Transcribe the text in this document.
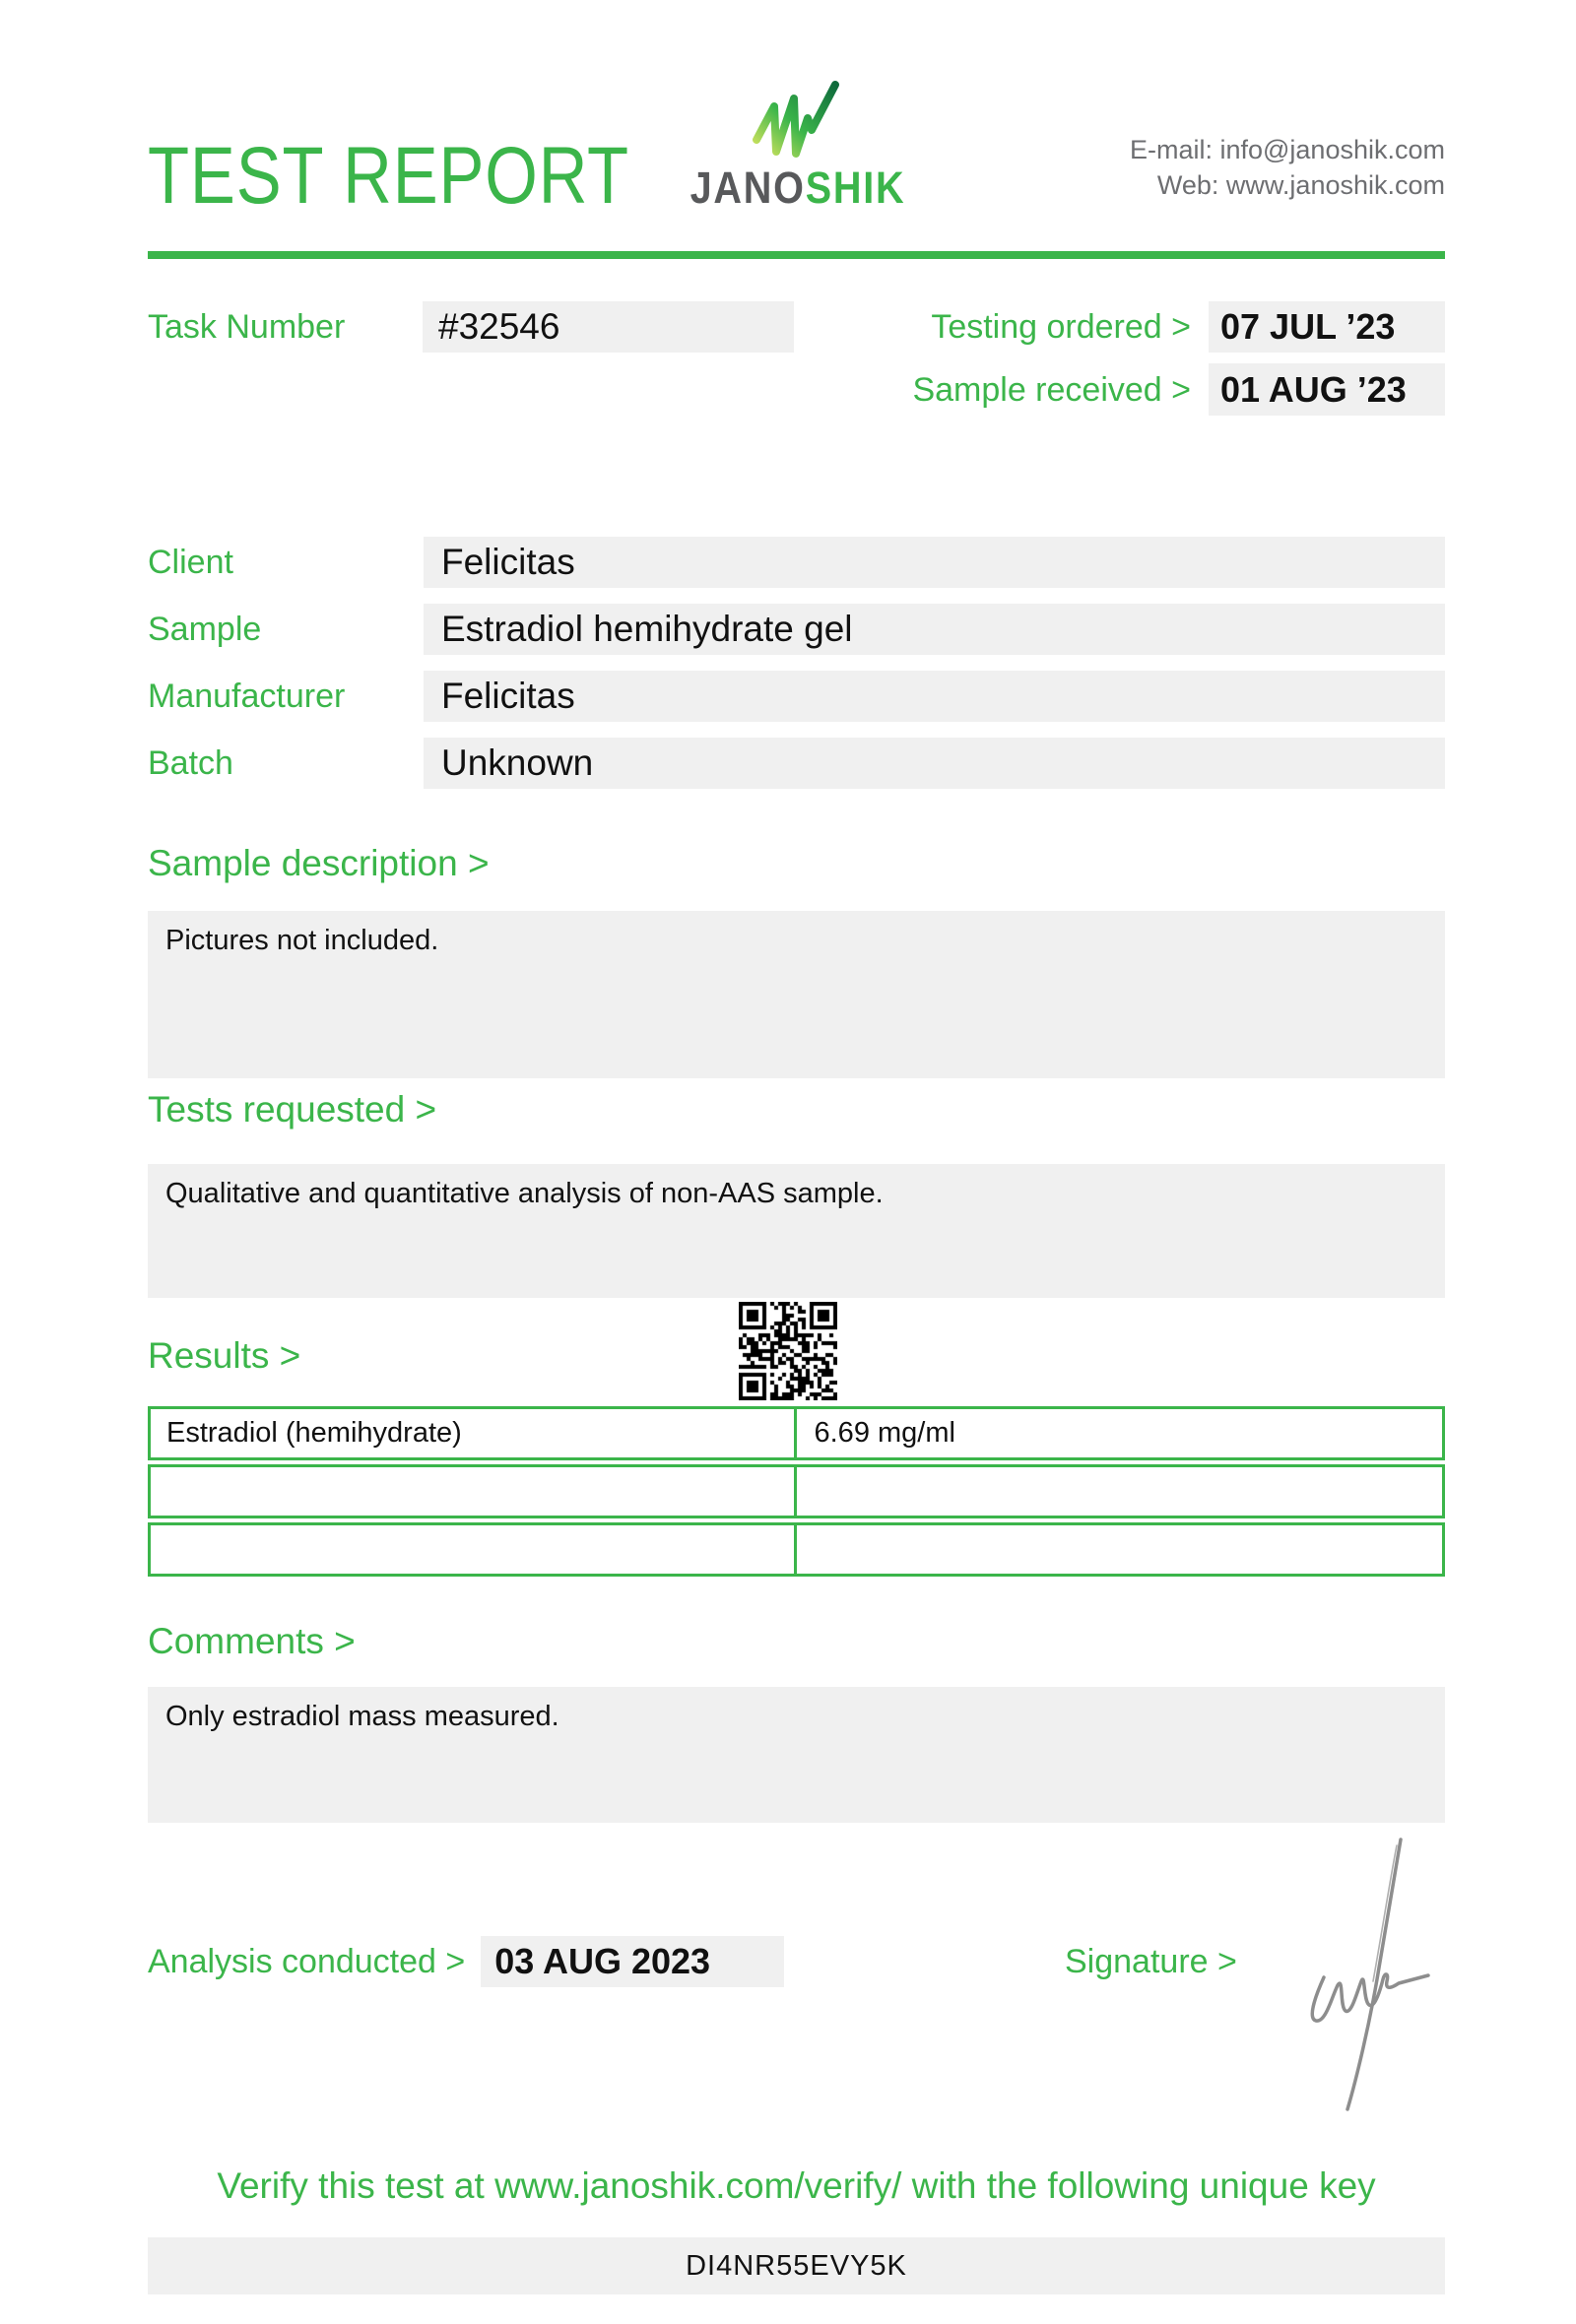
TEST REPORT	JANOSHIK
E-mail: info@janoshik.com
Web: www.janoshik.com
Task Number	#32546	Testing ordered > 07 JUL ’23
Sample received > 01 AUG ’23
Client	Felicitas
Sample	Estradiol hemihydrate gel
Manufacturer	Felicitas
Batch	Unknown
Sample description >
Pictures not included.
Tests requested >
Qualitative and quantitative analysis of non-AAS sample.
Results >
Estradiol (hemihydrate)	6.69 mg/ml
Comments >
Only estradiol mass measured.
Analysis conducted > 03 AUG 2023	Signature >
Verify this test at www.janoshik.com/verify/ with the following unique key
DI4NR55EVY5K
